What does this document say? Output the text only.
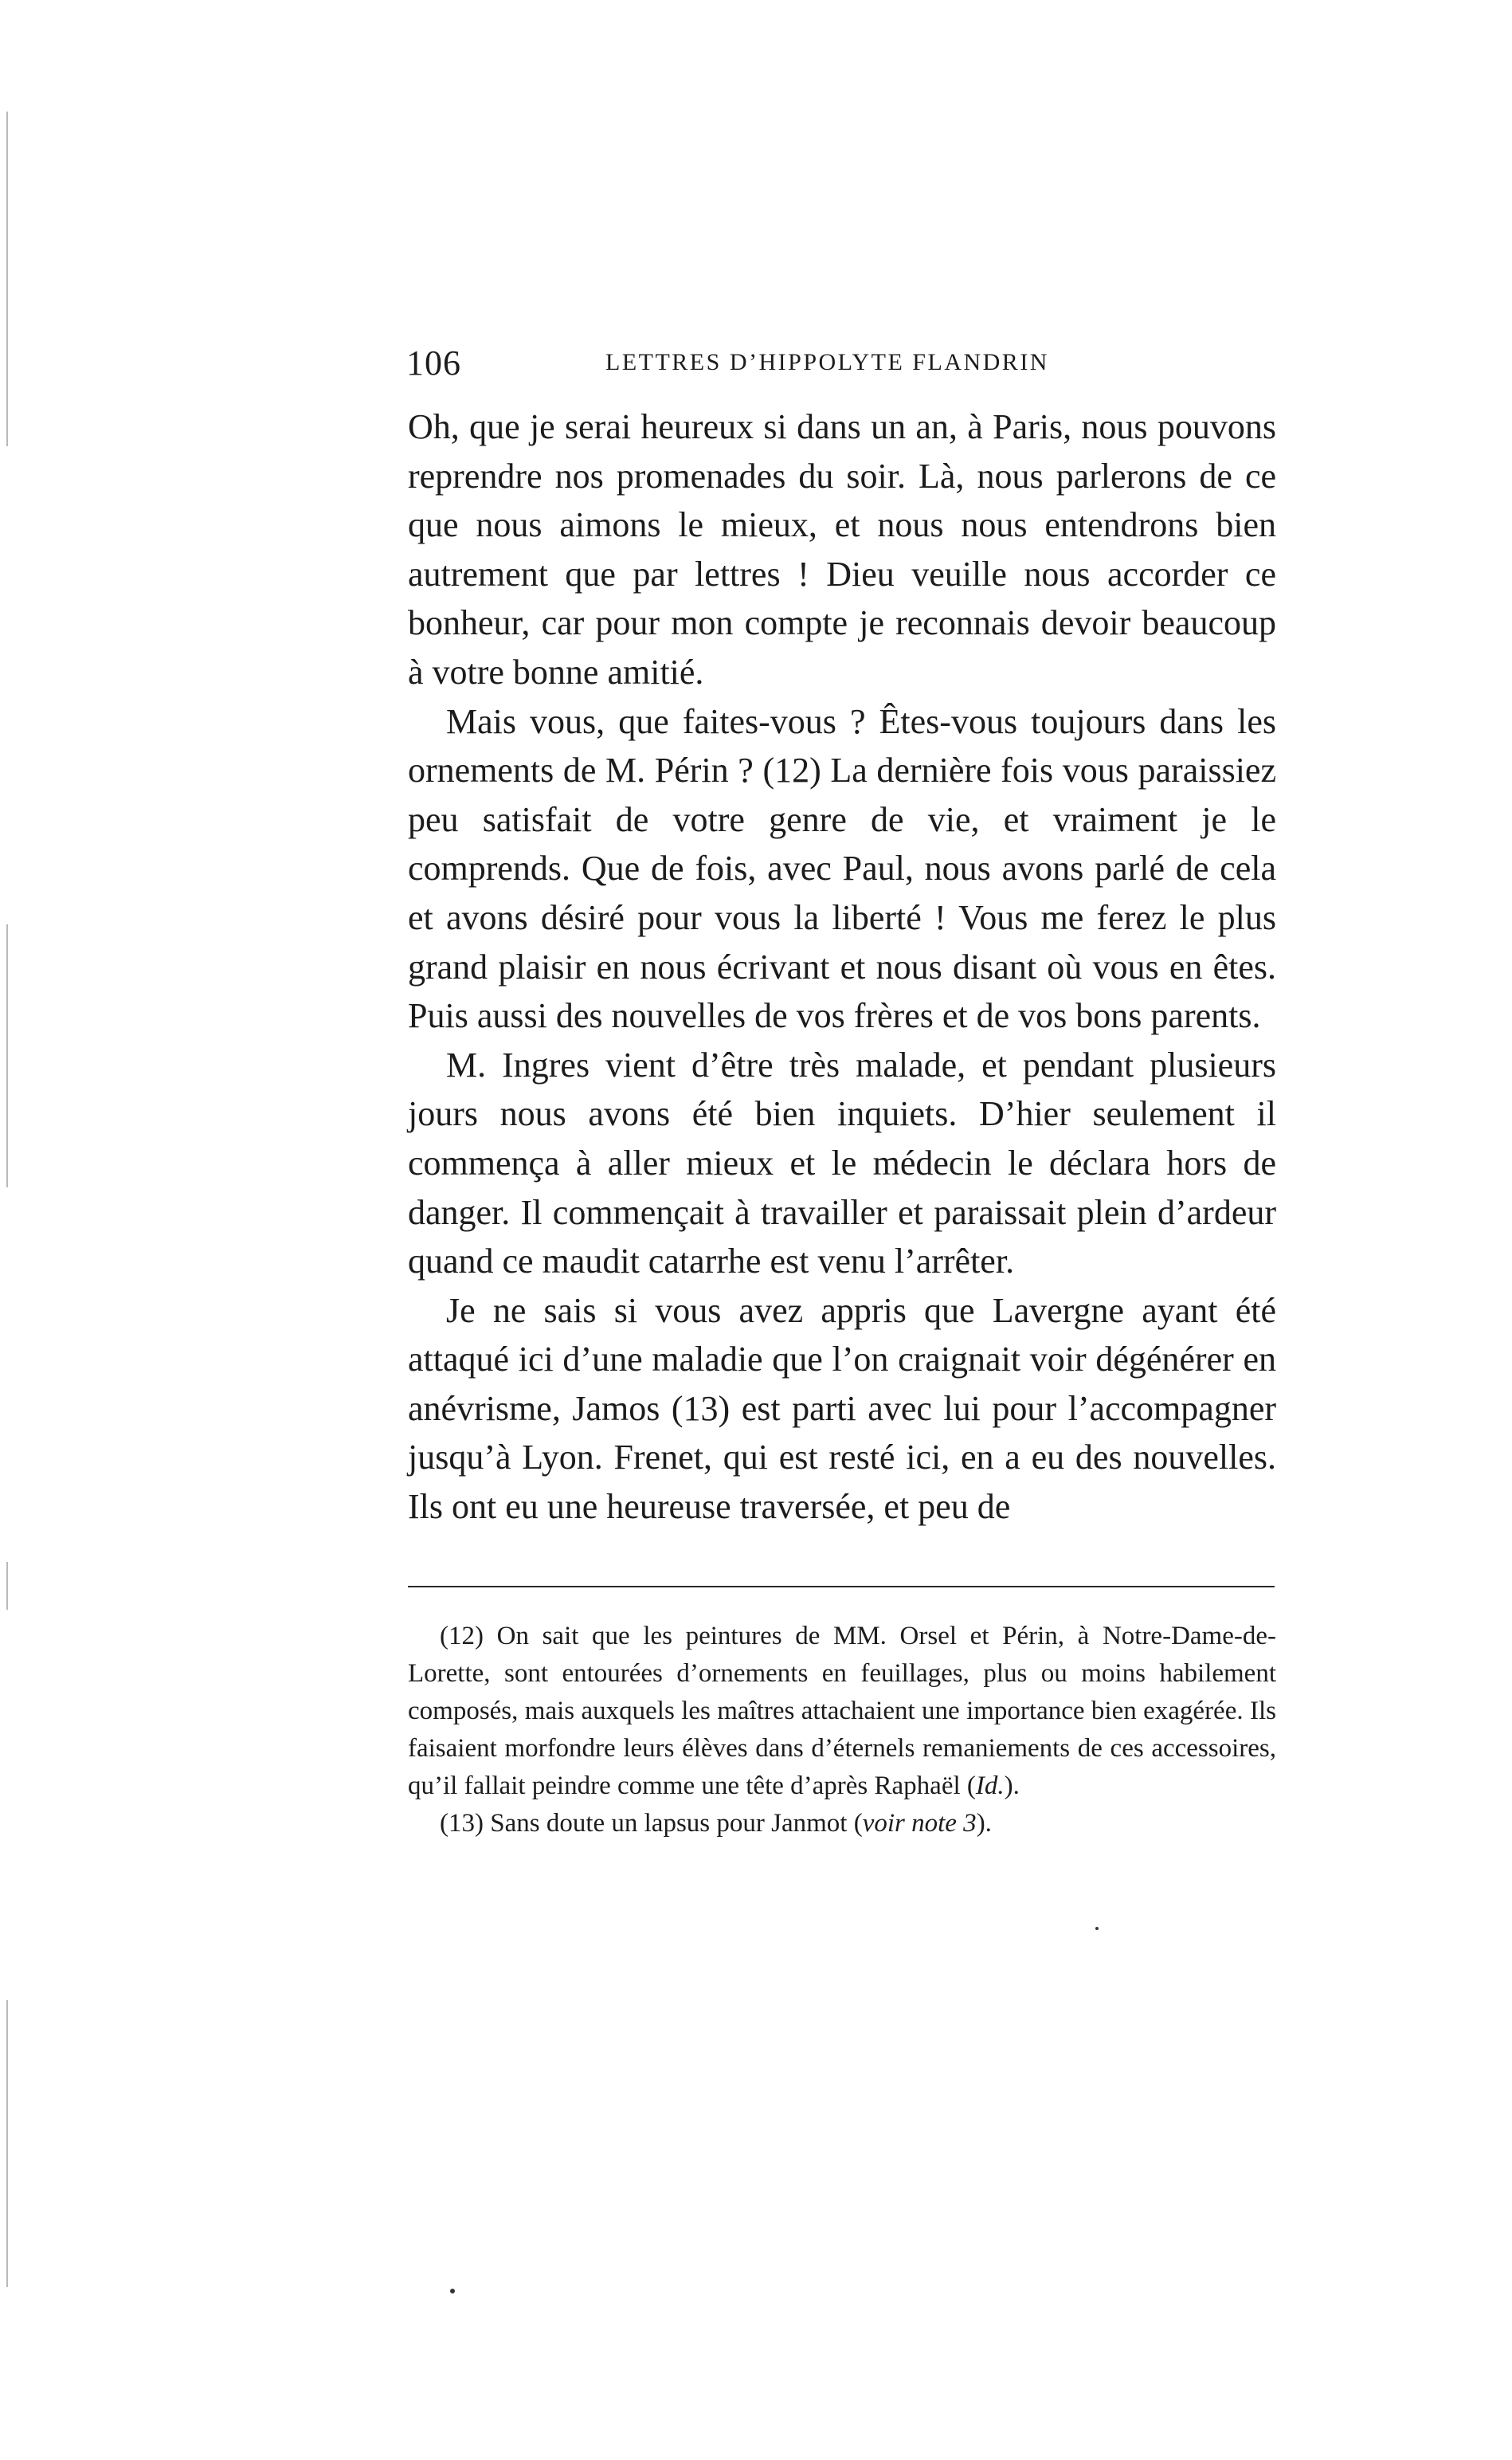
106	LETTRES D’HIPPOLYTE FLANDRIN

Oh, que je serai heureux si dans un an, à Paris, nous pouvons reprendre nos promenades du soir. Là, nous parlerons de ce que nous aimons le mieux, et nous nous entendrons bien autrement que par lettres ! Dieu veuille nous accorder ce bonheur, car pour mon compte je reconnais devoir beaucoup à votre bonne amitié.

Mais vous, que faites-vous ? Êtes-vous toujours dans les ornements de M. Périn ? (12) La dernière fois vous paraissiez peu satisfait de votre genre de vie, et vraiment je le comprends. Que de fois, avec Paul, nous avons parlé de cela et avons désiré pour vous la liberté ! Vous me ferez le plus grand plaisir en nous écrivant et nous disant où vous en êtes. Puis aussi des nouvelles de vos frères et de vos bons parents.

M. Ingres vient d’être très malade, et pendant plusieurs jours nous avons été bien inquiets. D’hier seulement il commença à aller mieux et le médecin le déclara hors de danger. Il commençait à travailler et paraissait plein d’ardeur quand ce maudit catarrhe est venu l’arrêter.

Je ne sais si vous avez appris que Lavergne ayant été attaqué ici d’une maladie que l’on craignait voir dégénérer en anévrisme, Jamos (13) est parti avec lui pour l’accompagner jusqu’à Lyon. Frenet, qui est resté ici, en a eu des nouvelles. Ils ont eu une heureuse traversée, et peu de

(12) On sait que les peintures de MM. Orsel et Périn, à Notre-Dame-de-Lorette, sont entourées d’ornements en feuillages, plus ou moins habilement composés, mais auxquels les maîtres attachaient une importance bien exagérée. Ils faisaient morfondre leurs élèves dans d’éternels remaniements de ces accessoires, qu’il fallait peindre comme une tête d’après Raphaël (Id.).

(13) Sans doute un lapsus pour Janmot (voir note 3).
